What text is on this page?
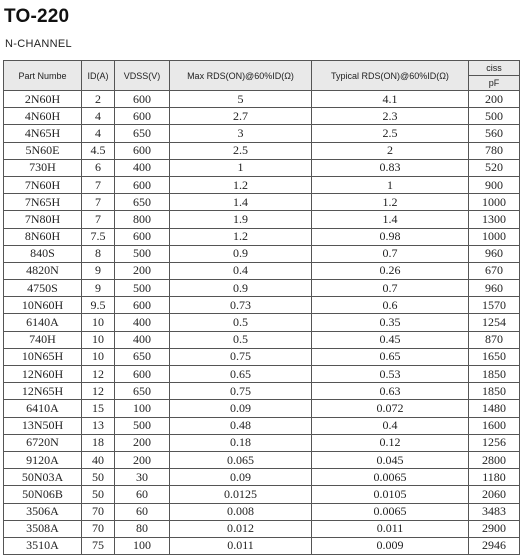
TO-220
N-CHANNEL
Part Numbe	ID(A)	VDSS(V)	Max RDS(ON)@60%ID(Ω)	Typical RDS(ON)@60%ID(Ω)	ciss
					pF
2N60H	2	600	5	4.1	200
4N60H	4	600	2.7	2.3	500
4N65H	4	650	3	2.5	560
5N60E	4.5	600	2.5	2	780
730H	6	400	1	0.83	520
7N60H	7	600	1.2	1	900
7N65H	7	650	1.4	1.2	1000
7N80H	7	800	1.9	1.4	1300
8N60H	7.5	600	1.2	0.98	1000
840S	8	500	0.9	0.7	960
4820N	9	200	0.4	0.26	670
4750S	9	500	0.9	0.7	960
10N60H	9.5	600	0.73	0.6	1570
6140A	10	400	0.5	0.35	1254
740H	10	400	0.5	0.45	870
10N65H	10	650	0.75	0.65	1650
12N60H	12	600	0.65	0.53	1850
12N65H	12	650	0.75	0.63	1850
6410A	15	100	0.09	0.072	1480
13N50H	13	500	0.48	0.4	1600
6720N	18	200	0.18	0.12	1256
9120A	40	200	0.065	0.045	2800
50N03A	50	30	0.09	0.0065	1180
50N06B	50	60	0.0125	0.0105	2060
3506A	70	60	0.008	0.0065	3483
3508A	70	80	0.012	0.011	2900
3510A	75	100	0.011	0.009	2946
